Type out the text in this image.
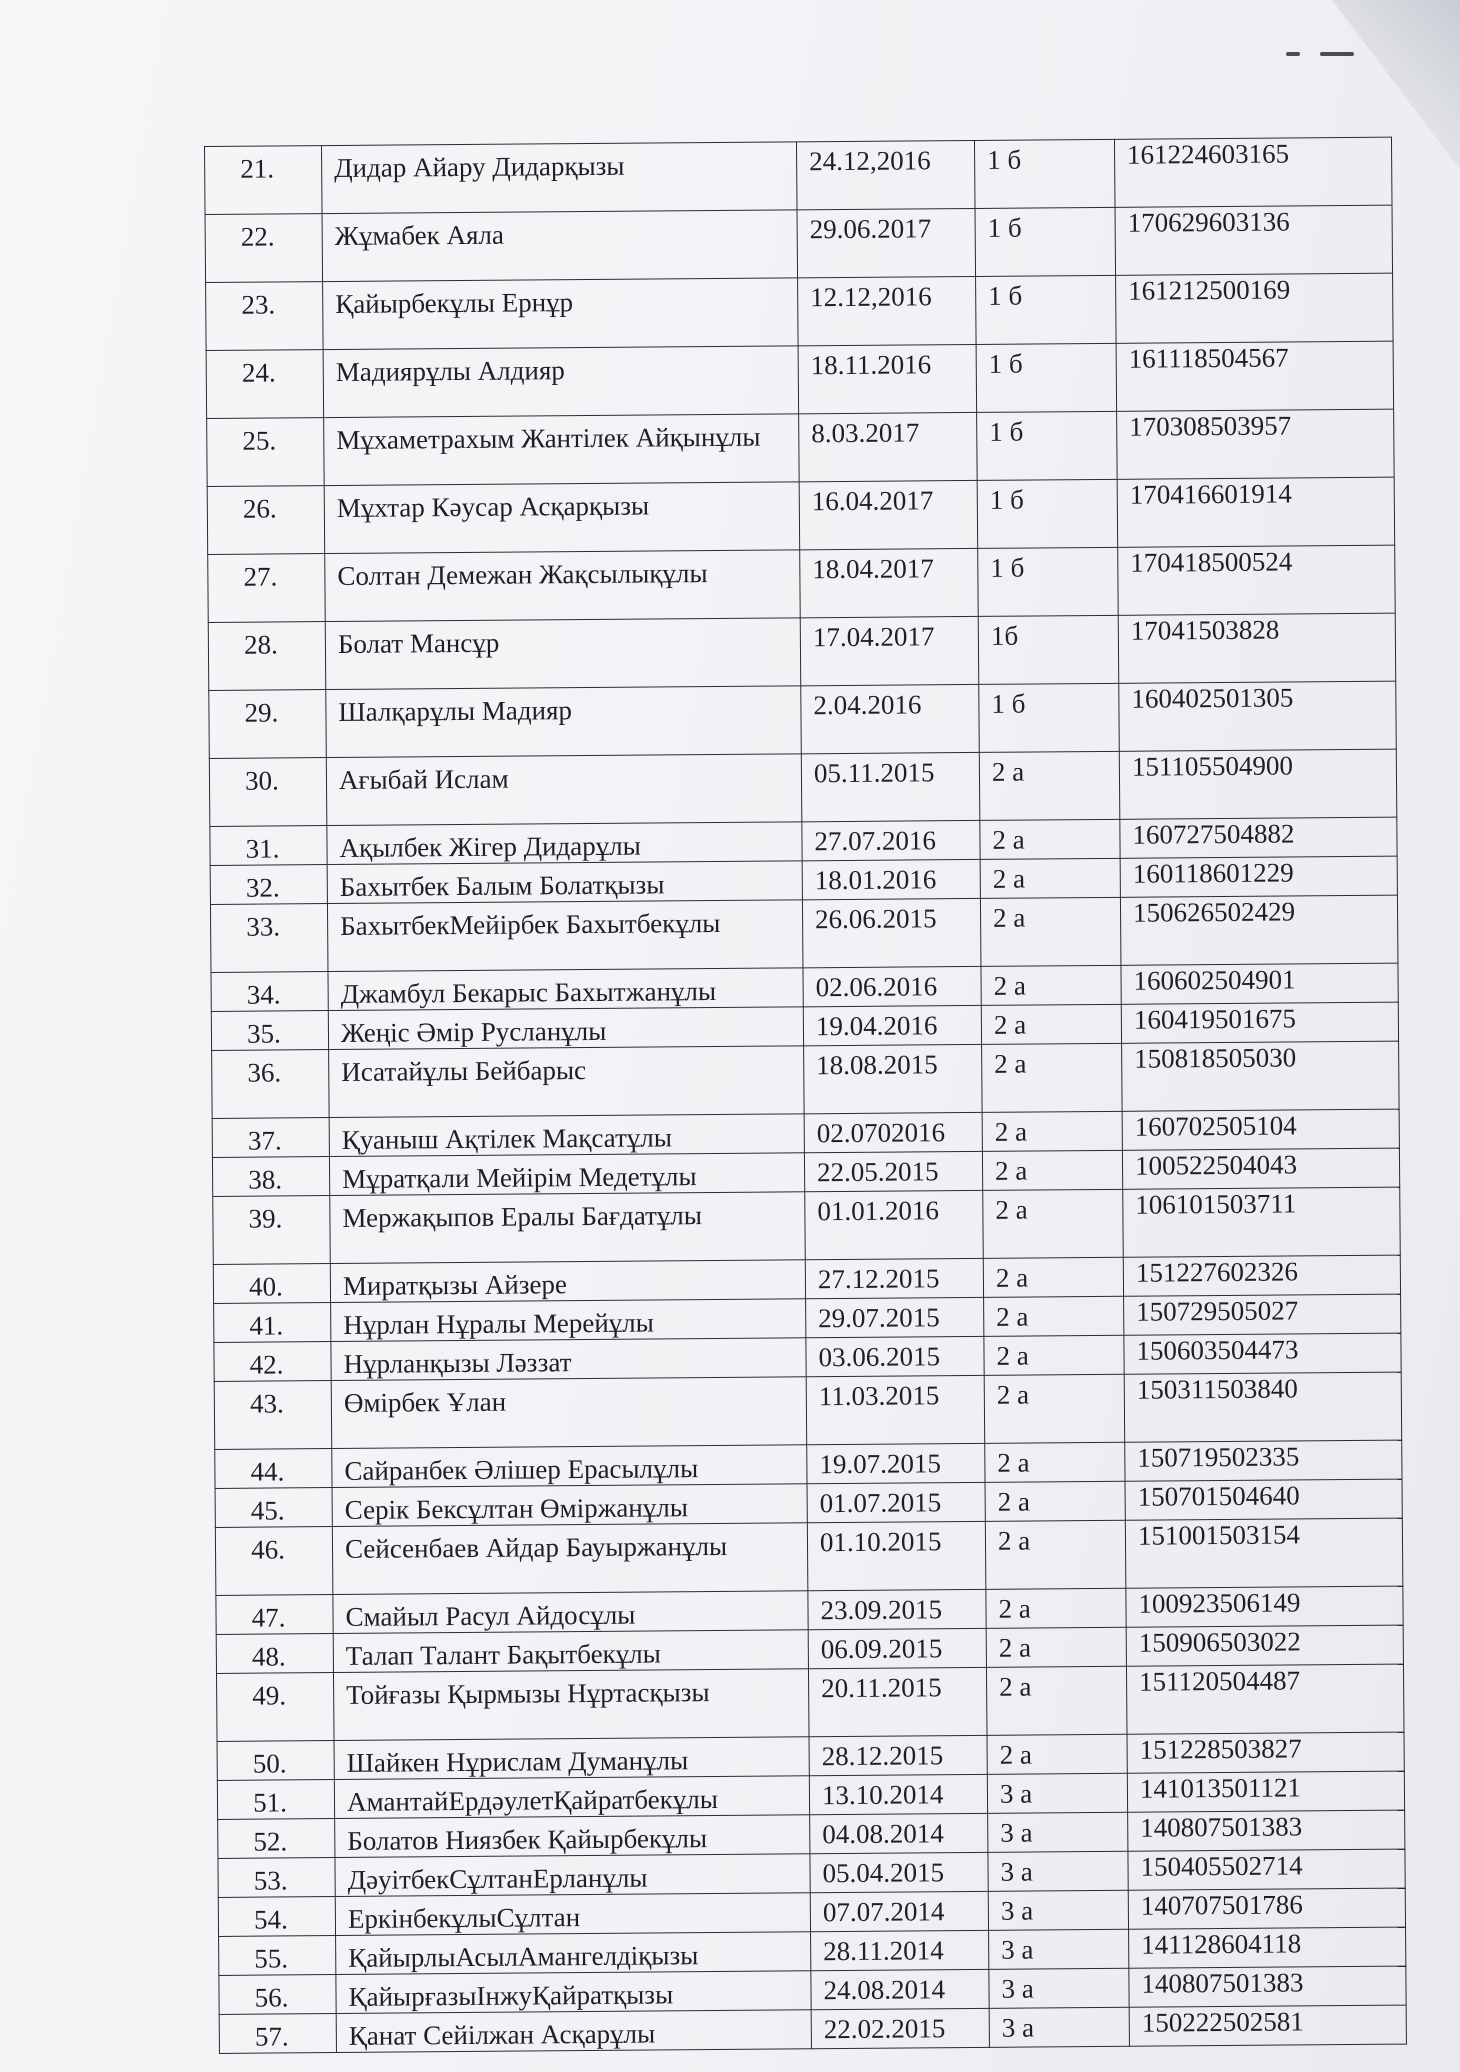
21.	Дидар Айару Дидарқызы	24.12,2016	1 б	161224603165
22.	Жұмабек Аяла	29.06.2017	1 б	170629603136
23.	Қайырбекұлы Ернұр	12.12,2016	1 б	161212500169
24.	Мадиярұлы Алдияр	18.11.2016	1 б	161118504567
25.	Мұхаметрахым Жантілек Айқынұлы	8.03.2017	1 б	170308503957
26.	Мұхтар Кәусар Асқарқызы	16.04.2017	1 б	170416601914
27.	Солтан Демежан Жақсылықұлы	18.04.2017	1 б	170418500524
28.	Болат Мансұр	17.04.2017	1б	17041503828
29.	Шалқарұлы Мадияр	2.04.2016	1 б	160402501305
30.	Ағыбай Ислам	05.11.2015	2 а	151105504900
31.	Ақылбек Жігер Дидарұлы	27.07.2016	2 а	160727504882
32.	Бахытбек Балым Болатқызы	18.01.2016	2 а	160118601229
33.	БахытбекМейірбек Бахытбекұлы	26.06.2015	2 а	150626502429
34.	Джамбул Бекарыс Бахытжанұлы	02.06.2016	2 а	160602504901
35.	Жеңіс Әмір Русланұлы	19.04.2016	2 а	160419501675
36.	Исатайұлы Бейбарыс	18.08.2015	2 а	150818505030
37.	Қуаныш Ақтілек Мақсатұлы	02.0702016	2 а	160702505104
38.	Мұратқали Мейірім Медетұлы	22.05.2015	2 а	100522504043
39.	Мержақыпов Ералы Бағдатұлы	01.01.2016	2 а	106101503711
40.	Миратқызы Айзере	27.12.2015	2 а	151227602326
41.	Нұрлан Нұралы Мерейұлы	29.07.2015	2 а	150729505027
42.	Нұрланқызы Ләззат	03.06.2015	2 а	150603504473
43.	Өмірбек Ұлан	11.03.2015	2 а	150311503840
44.	Сайранбек Әлішер Ерасылұлы	19.07.2015	2 а	150719502335
45.	Серік Бексұлтан Өміржанұлы	01.07.2015	2 а	150701504640
46.	Сейсенбаев Айдар Бауыржанұлы	01.10.2015	2 а	151001503154
47.	Смайыл Расул Айдосұлы	23.09.2015	2 а	100923506149
48.	Талап Талант Бақытбекұлы	06.09.2015	2 а	150906503022
49.	Тойғазы Қырмызы Нұртасқызы	20.11.2015	2 а	151120504487
50.	Шайкен Нұрислам Думанұлы	28.12.2015	2 а	151228503827
51.	АмантайЕрдәулетҚайратбекұлы	13.10.2014	3 а	141013501121
52.	Болатов Ниязбек Қайырбекұлы	04.08.2014	3 а	140807501383
53.	ДәуітбекСұлтанЕрланұлы	05.04.2015	3 а	150405502714
54.	ЕркінбекұлыСұлтан	07.07.2014	3 а	140707501786
55.	ҚайырлыАсылАмангелдіқызы	28.11.2014	3 а	141128604118
56.	ҚайырғазыІнжуҚайратқызы	24.08.2014	3 а	140807501383
57.	Қанат Сейілжан Асқарұлы	22.02.2015	3 а	150222502581
